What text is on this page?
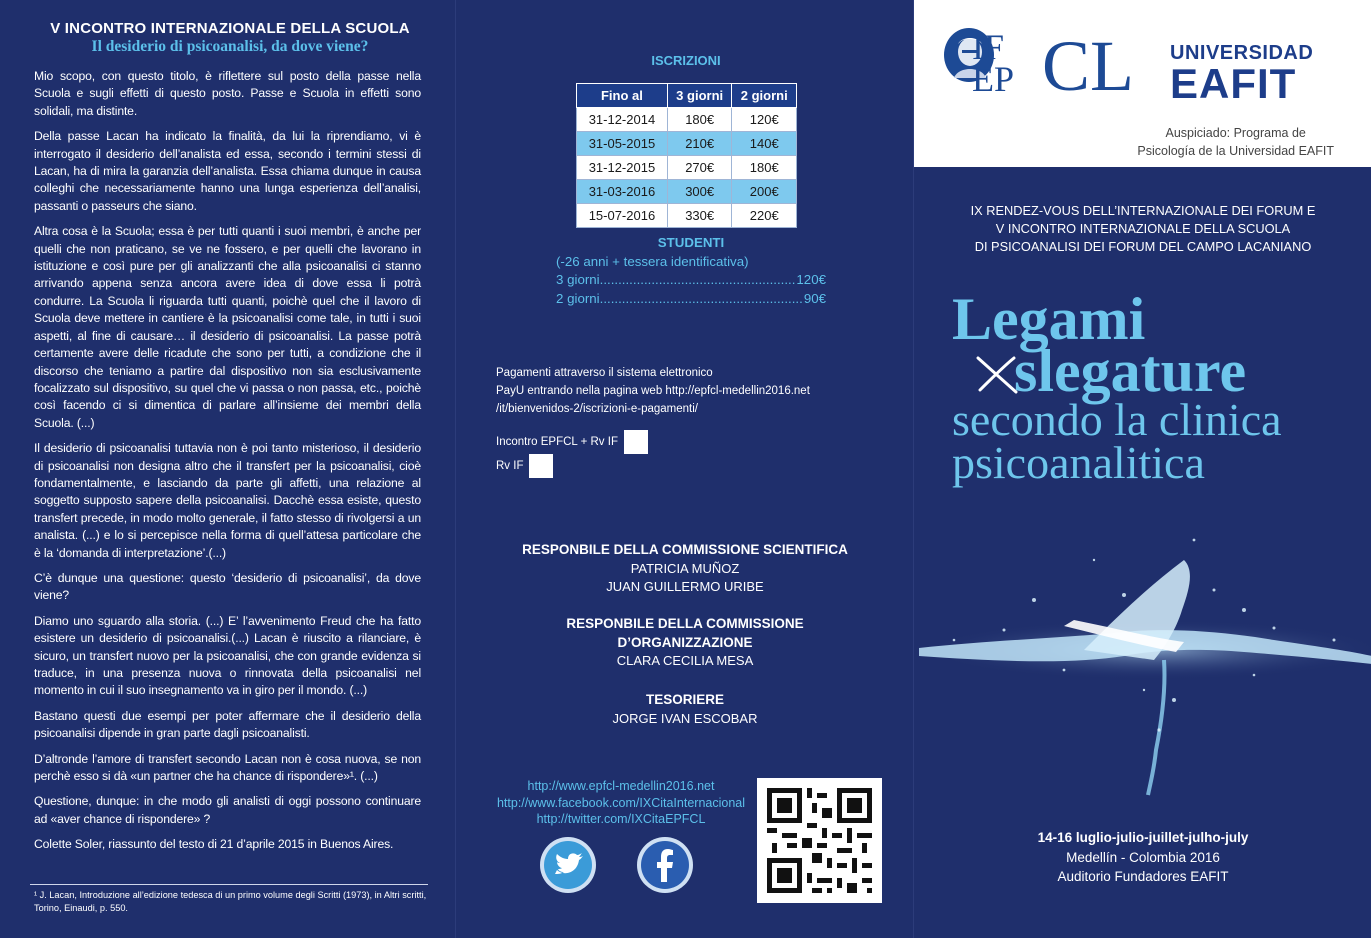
V INCONTRO INTERNAZIONALE DELLA SCUOLA
Il desiderio di psicoanalisi, da dove viene?

Mio scopo, con questo titolo, è riflettere sul posto della passe nella Scuola e sugli effetti di questo posto. Passe e Scuola in effetti sono solidali, ma distinte.

Della passe Lacan ha indicato la finalità, da lui la riprendiamo, vi è interrogato il desiderio dell’analista ed essa, secondo i termini stessi di Lacan, ha di mira la garanzia dell’analista. Essa chiama dunque in causa colleghi che necessariamente hanno una lunga esperienza dell’analisi, passanti o passeurs che siano.

Altra cosa è la Scuola; essa è per tutti quanti i suoi membri, è anche per quelli che non praticano, se ve ne fossero, e per quelli che lavorano in istituzione e così pure per gli analizzanti che alla psicoanalisi ci stanno arrivando appena senza ancora avere idea di dove essa li potrà condurre. La Scuola li riguarda tutti quanti, poichè quel che il lavoro di Scuola deve mettere in cantiere è la psicoanalisi come tale, in tutti i suoi aspetti, al fine di causare… il desiderio di psicoanalisi. La passe potrà certamente avere delle ricadute che sono per tutti, a condizione che il discorso che teniamo a partire dal dispositivo non sia esclusivamente focalizzato sul dispositivo, su quel che vi passa o non passa, etc., poichè così facendo ci si dimentica di parlare all’insieme dei membri della Scuola. (...)

Il desiderio di psicoanalisi tuttavia non è poi tanto misterioso, il desiderio di psicoanalisi non designa altro che il transfert per la psicoanalisi, cioè fondamentalmente, e lasciando da parte gli affetti, una relazione al soggetto supposto sapere della psicoanalisi. Dacchè essa esiste, questo transfert precede, in modo molto generale, il fatto stesso di rivolgersi a un analista. (...) e lo si percepisce nella forma di quell’attesa particolare che è la ‘domanda di interpretazione’.(...)

C’è dunque una questione: questo ‘desiderio di psicoanalisi’, da dove viene?

Diamo uno sguardo alla storia. (...) E’ l’avvenimento Freud che ha fatto esistere un desiderio di psicoanalisi.(...) Lacan è riuscito a rilanciare, è sicuro, un transfert nuovo per la psicoanalisi, che con grande evidenza si traduce, in una presenza nuova o rinnovata della psicoanalisi nel momento in cui il suo insegnamento va in giro per il mondo. (...)

Bastano questi due esempi per poter affermare che il desiderio della psicoanalisi dipende in gran parte dagli psicoanalisti.

D’altronde l’amore di transfert secondo Lacan non è cosa nuova, se non perchè esso si dà «un partner che ha chance di rispondere»¹. (...)

Questione, dunque: in che modo gli analisti di oggi possono continuare ad «aver chance di rispondere» ?

Colette Soler, riassunto del testo di 21 d’aprile 2015 in Buenos Aires.

¹ J. Lacan, Introduzione all’edizione tedesca di un primo volume degli Scritti (1973), in Altri scritti, Torino, Einaudi, p. 550.
ISCRIZIONI
Fino al	3 giorni	2 giorni
31-12-2014	180€	120€
31-05-2015	210€	140€
31-12-2015	270€	180€
31-03-2016	300€	200€
15-07-2016	330€	220€
STUDENTI
(-26 anni + tessera identificativa)
3 giorni .....	120€
2 giorni .....	90€
Pagamenti attraverso il sistema elettronico
PayU entrando nella pagina web http://epfcl-medellin2016.net
/it/bienvenidos-2/iscrizioni-e-pagamenti/
Incontro EPFCL + Rv IF
Rv IF
RESPONBILE DELLA COMMISSIONE SCIENTIFICA
PATRICIA MUÑOZ
JUAN GUILLERMO URIBE
RESPONBILE DELLA COMMISSIONE
D’ORGANIZZAZIONE
CLARA CECILIA MESA
TESORIERE
JORGE IVAN ESCOBAR
http://www.epfcl-medellin2016.net
http://www.facebook.com/IXCitaInternacional
http://twitter.com/IXCitaEPFCL
IF
EP CL UNIVERSIDAD
EAFIT
Auspiciado: Programa de
Psicología de la Universidad EAFIT
IX RENDEZ-VOUS DELL’INTERNAZIONALE DEI FORUM E
V INCONTRO INTERNAZIONALE DELLA SCUOLA
DI PSICOANALISI DEI FORUM DEL CAMPO LACANIANO
Legami
slegature
secondo la clinica
psicoanalitica
14-16 luglio-julio-juillet-julho-july
Medellín - Colombia 2016
Auditorio Fundadores EAFIT
